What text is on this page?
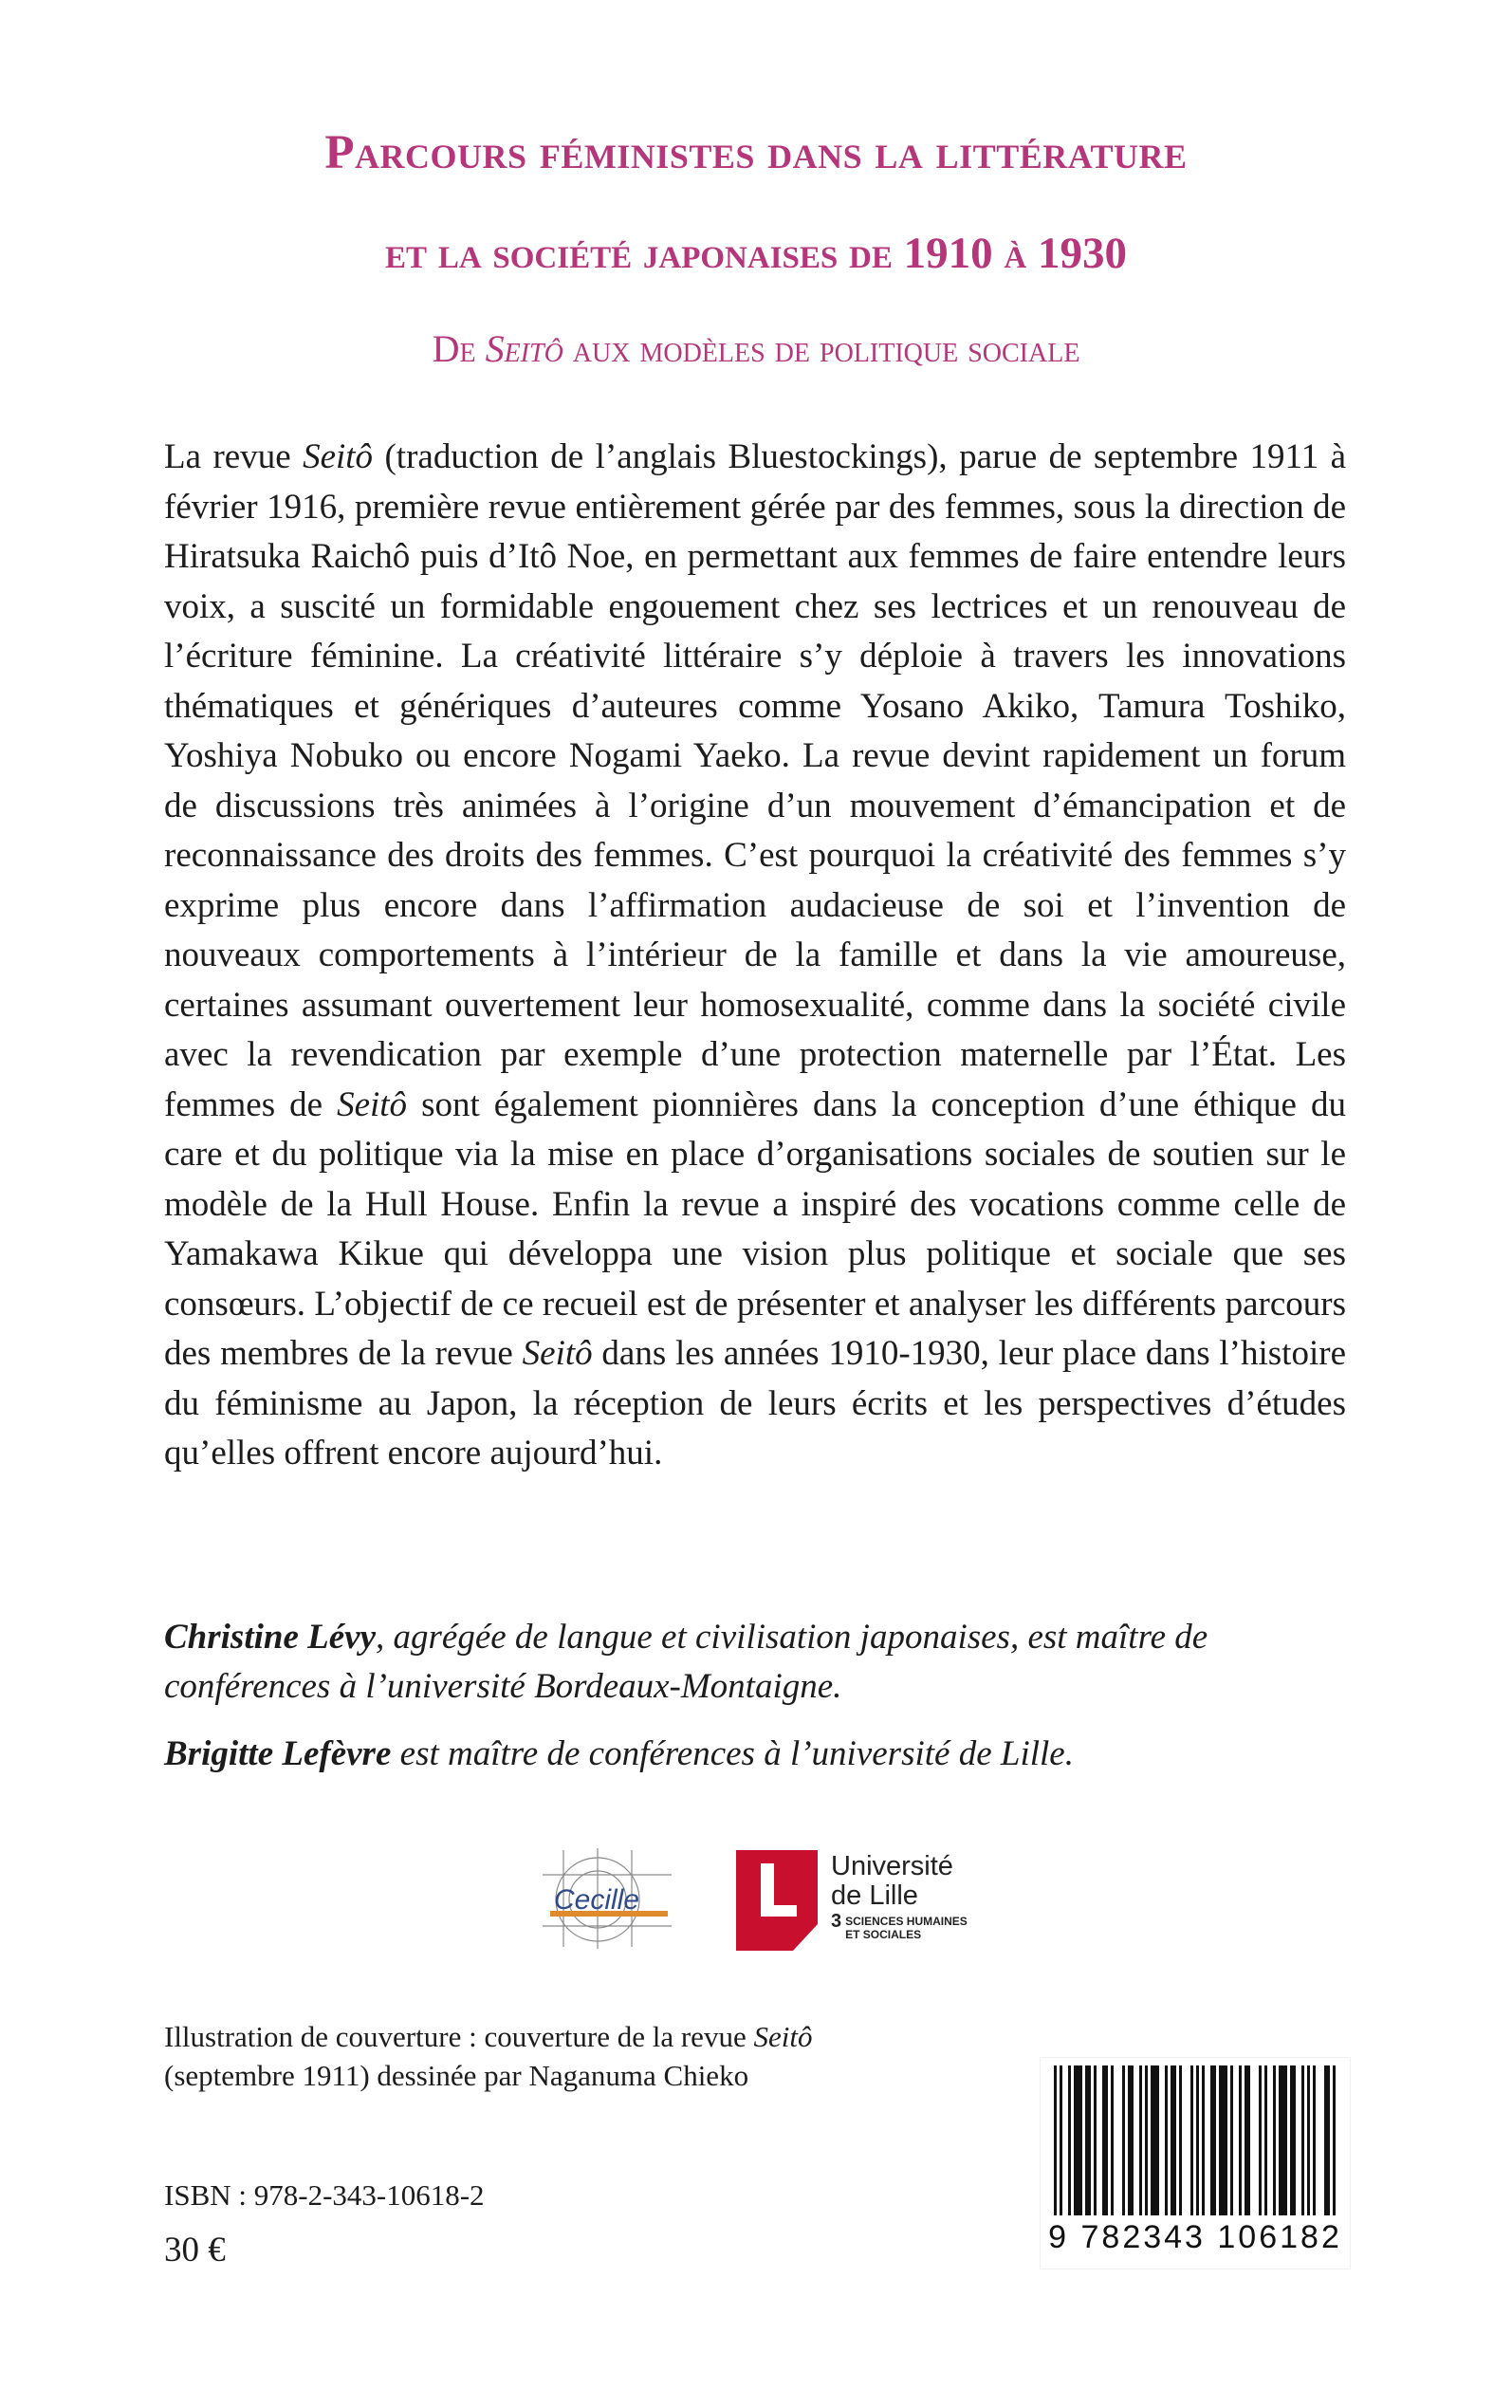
Parcours féministes dans la littérature
et la société japonaises de 1910 à 1930

De Seitô aux modèles de politique sociale

La revue Seitô (traduction de l’anglais Bluestockings), parue de septembre 1911 à février 1916, première revue entièrement gérée par des femmes, sous la direction de Hiratsuka Raichô puis d’Itô Noe, en permettant aux femmes de faire entendre leurs voix, a suscité un formidable engouement chez ses lectrices et un renouveau de l’écriture féminine. La créativité littéraire s’y déploie à travers les innovations thématiques et génériques d’auteures comme Yosano Akiko, Tamura Toshiko, Yoshiya Nobuko ou encore Nogami Yaeko. La revue devint rapidement un forum de discussions très animées à l’origine d’un mouvement d’émancipation et de reconnaissance des droits des femmes. C’est pourquoi la créativité des femmes s’y exprime plus encore dans l’affirmation audacieuse de soi et l’invention de nouveaux comportements à l’intérieur de la famille et dans la vie amoureuse, certaines assumant ouvertement leur homosexualité, comme dans la société civile avec la revendication par exemple d’une protection maternelle par l’État. Les femmes de Seitô sont également pionnières dans la conception d’une éthique du care et du politique via la mise en place d’organisations sociales de soutien sur le modèle de la Hull House. Enfin la revue a inspiré des vocations comme celle de Yamakawa Kikue qui développa une vision plus politique et sociale que ses consœurs. L’objectif de ce recueil est de présenter et analyser les différents parcours des membres de la revue Seitô dans les années 1910-1930, leur place dans l’histoire du féminisme au Japon, la réception de leurs écrits et les perspectives d’études qu’elles offrent encore aujourd’hui.

Christine Lévy, agrégée de langue et civilisation japonaises, est maître de conférences à l’université Bordeaux-Montaigne.

Brigitte Lefèvre est maître de conférences à l’université de Lille.

Cecille
Université
de Lille
3 SCIENCES HUMAINES
ET SOCIALES

Illustration de couverture : couverture de la revue Seitô (septembre 1911) dessinée par Naganuma Chieko

ISBN : 978-2-343-10618-2

30 €	9 782343 106182
